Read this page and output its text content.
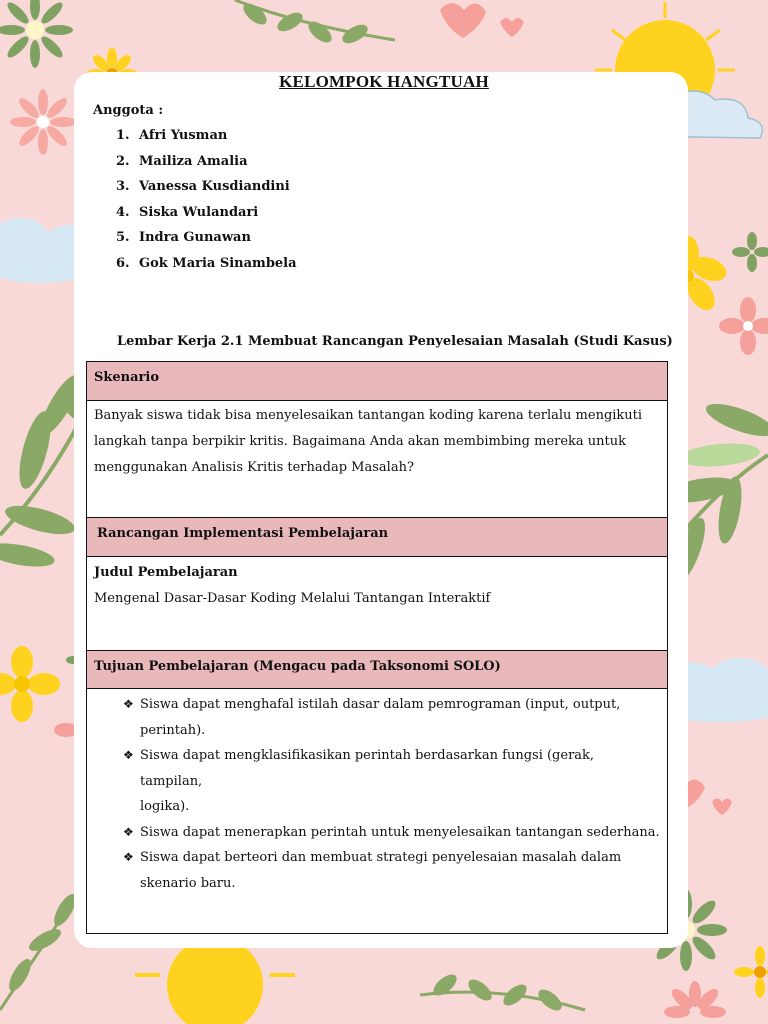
KELOMPOK HANGTUAH
Anggota :
1. Afri Yusman
2. Mailiza Amalia
3. Vanessa Kusdiandini
4. Siska Wulandari
5. Indra Gunawan
6. Gok Maria Sinambela
Lembar Kerja 2.1 Membuat Rancangan Penyelesaian Masalah (Studi Kasus)
Skenario
Banyak siswa tidak bisa menyelesaikan tantangan koding karena terlalu mengikuti
langkah tanpa berpikir kritis. Bagaimana Anda akan membimbing mereka untuk
menggunakan Analisis Kritis terhadap Masalah?
Rancangan Implementasi Pembelajaran
Judul Pembelajaran
Mengenal Dasar-Dasar Koding Melalui Tantangan Interaktif
Tujuan Pembelajaran (Mengacu pada Taksonomi SOLO)
❖ Siswa dapat menghafal istilah dasar dalam pemrograman (input, output,
perintah).
❖ Siswa dapat mengklasifikasikan perintah berdasarkan fungsi (gerak, tampilan,
logika).
❖ Siswa dapat menerapkan perintah untuk menyelesaikan tantangan sederhana.
❖ Siswa dapat berteori dan membuat strategi penyelesaian masalah dalam
skenario baru.
